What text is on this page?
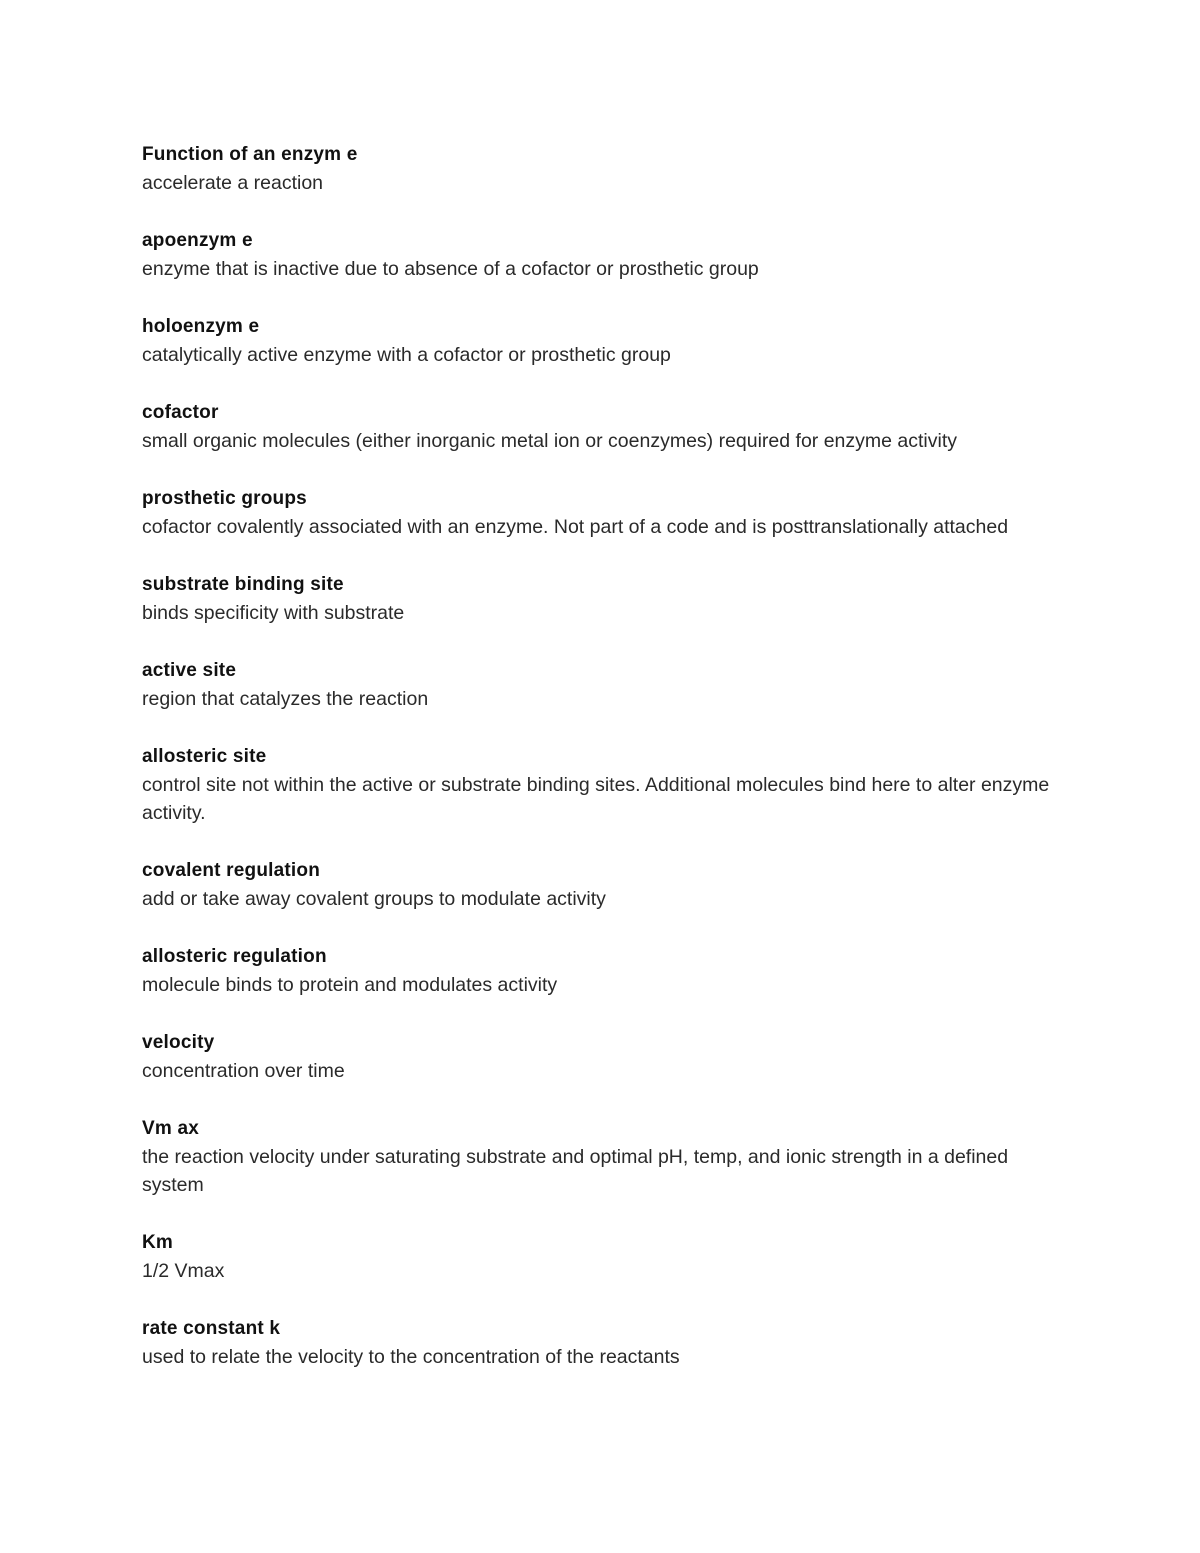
Function of an enzym e
accelerate a reaction
apoenzym e
enzyme that is inactive due to absence of a cofactor or prosthetic group
holoenzym e
catalytically active enzyme with a cofactor or prosthetic group
cofactor
small organic molecules (either inorganic metal ion or coenzymes) required for enzyme activity
prosthetic groups
cofactor covalently associated with an enzyme. Not part of a code and is posttranslationally attached
substrate binding site
binds specificity with substrate
active site
region that catalyzes the reaction
allosteric site
control site not within the active or substrate binding sites. Additional molecules bind here to alter enzyme activity.
covalent regulation
add or take away covalent groups to modulate activity
allosteric regulation
molecule binds to protein and modulates activity
velocity
concentration over time
Vm ax
the reaction velocity under saturating substrate and optimal pH, temp, and ionic strength in a defined system
Km
1/2 Vmax
rate constant k
used to relate the velocity to the concentration of the reactants
